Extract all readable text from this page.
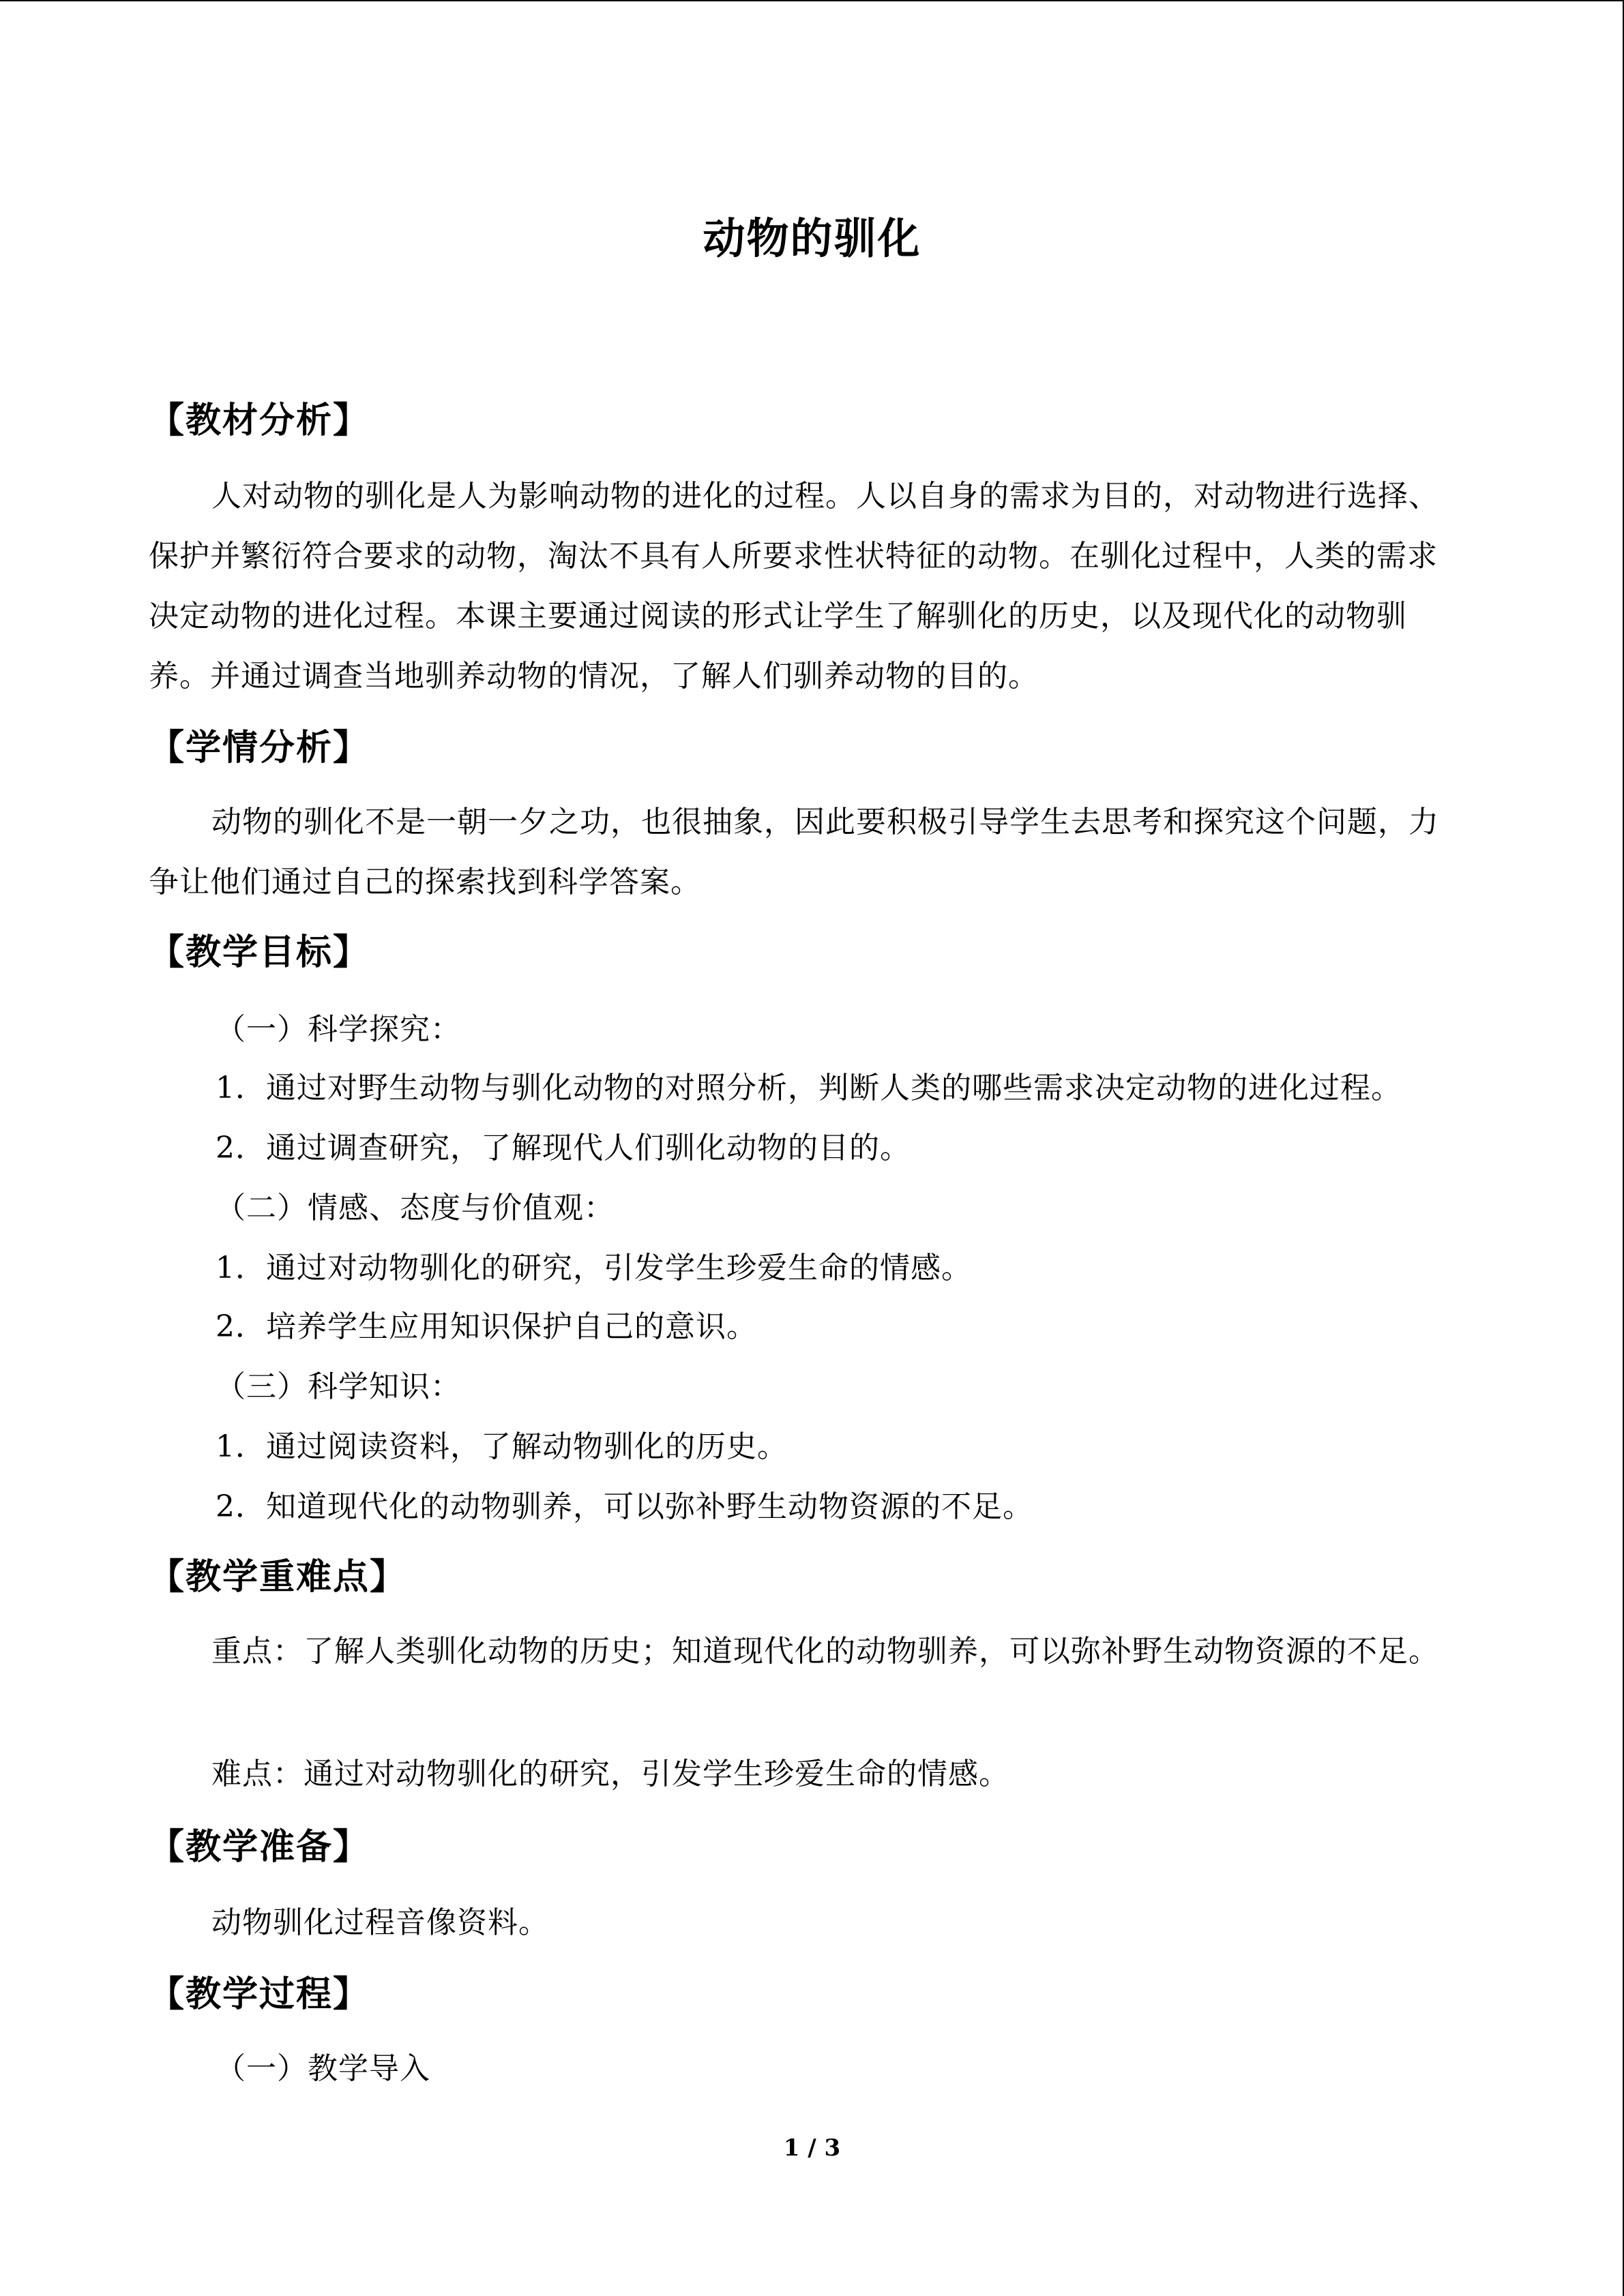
动物的驯化
【教材分析】

人对动物的驯化是人为影响动物的进化的过程。人以自身的需求为目的，对动物进行选择、保护并繁衍符合要求的动物，淘汰不具有人所要求性状特征的动物。在驯化过程中，人类的需求决定动物的进化过程。本课主要通过阅读的形式让学生了解驯化的历史，以及现代化的动物驯养。并通过调查当地驯养动物的情况，了解人们驯养动物的目的。

【学情分析】

动物的驯化不是一朝一夕之功，也很抽象，因此要积极引导学生去思考和探究这个问题，力争让他们通过自己的探索找到科学答案。

【教学目标】
（一）科学探究：
1．通过对野生动物与驯化动物的对照分析，判断人类的哪些需求决定动物的进化过程。
2．通过调查研究，了解现代人们驯化动物的目的。
（二）情感、态度与价值观：
1．通过对动物驯化的研究，引发学生珍爱生命的情感。
2．培养学生应用知识保护自己的意识。
（三）科学知识：
1．通过阅读资料，了解动物驯化的历史。
2．知道现代化的动物驯养，可以弥补野生动物资源的不足。
【教学重难点】

重点：了解人类驯化动物的历史；知道现代化的动物驯养，可以弥补野生动物资源的不足。

难点：通过对动物驯化的研究，引发学生珍爱生命的情感。

【教学准备】

动物驯化过程音像资料。

【教学过程】
（一）教学导入
1 / 3
